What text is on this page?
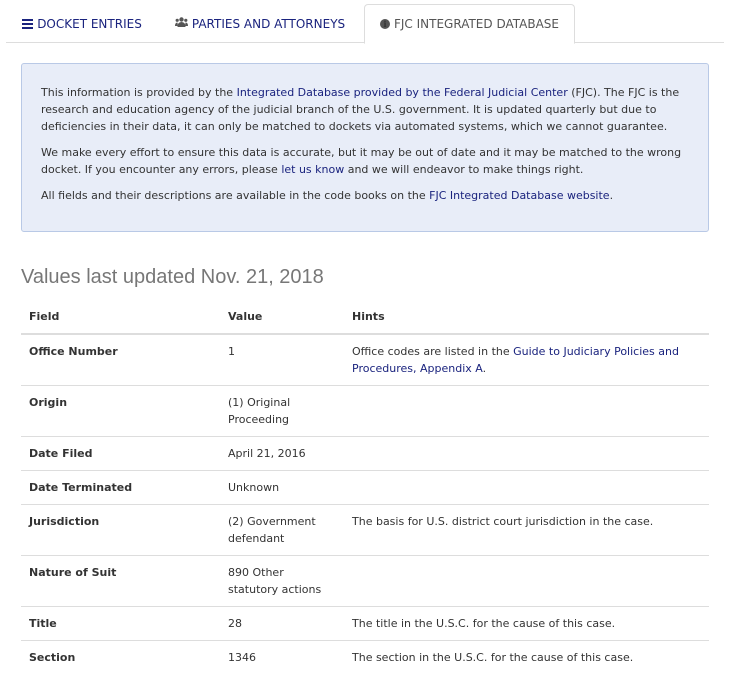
DOCKET ENTRIES	PARTIES AND ATTORNEYS	i FJC INTEGRATED DATABASE

This information is provided by the Integrated Database provided by the Federal Judicial Center (FJC). The FJC is the research and education agency of the judicial branch of the U.S. government. It is updated quarterly but due to deficiencies in their data, it can only be matched to dockets via automated systems, which we cannot guarantee.

We make every effort to ensure this data is accurate, but it may be out of date and it may be matched to the wrong docket. If you encounter any errors, please let us know and we will endeavor to make things right.

All fields and their descriptions are available in the code books on the FJC Integrated Database website.

Values last updated Nov. 21, 2018
Field	Value	Hints
Office Number	1	Office codes are listed in the Guide to Judiciary Policies and Procedures, Appendix A.
Origin	(1) Original Proceeding	
Date Filed	April 21, 2016	
Date Terminated	Unknown	
Jurisdiction	(2) Government defendant	The basis for U.S. district court jurisdiction in the case.
Nature of Suit	890 Other statutory actions	
Title	28	The title in the U.S.C. for the cause of this case.
Section	1346	The section in the U.S.C. for the cause of this case.
